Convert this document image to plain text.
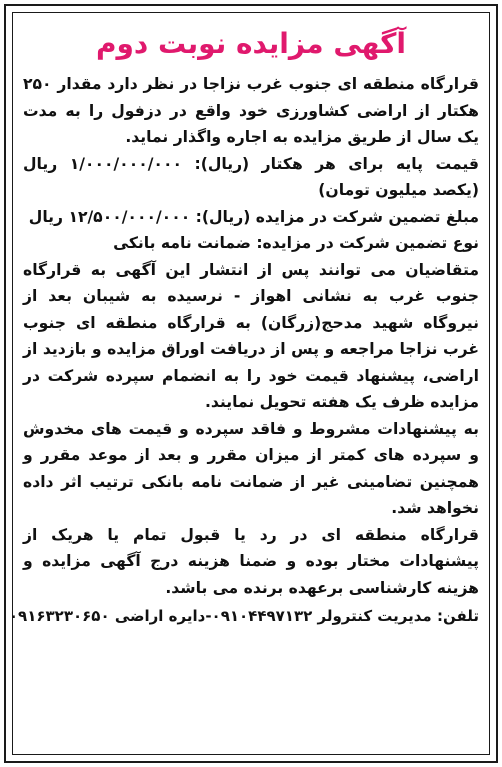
آگهی مزایده نوبت دوم

قرارگاه منطقه ای جنوب غرب نزاجا در نظر دارد مقدار ۲۵۰ هکتار از اراضی کشاورزی خود واقع در دزفول را به مدت یک سال از طریق مزایده به اجاره واگذار نماید.

قیمت پایه برای هر هکتار (ریال): ۱/۰۰۰/۰۰۰/۰۰۰ ریال (یکصد میلیون تومان)

مبلغ تضمین شرکت در مزایده (ریال): ۱۲/۵۰۰/۰۰۰/۰۰۰ ریال

نوع تضمین شرکت در مزایده: ضمانت نامه بانکی

متقاضیان می توانند پس از انتشار این آگهی به قرارگاه جنوب غرب به نشانی اهواز - نرسیده به شیبان بعد از نیروگاه شهید مدحج(زرگان) به قرارگاه منطقه ای جنوب غرب نزاجا مراجعه و پس از دریافت اوراق مزایده و بازدید از اراضی، پیشنهاد قیمت خود را به انضمام سپرده شرکت در مزایده ظرف یک هفته تحویل نمایند.

به پیشنهادات مشروط و فاقد سپرده و قیمت های مخدوش و سپرده های کمتر از میزان مقرر و بعد از موعد مقرر و همچنین تضامینی غیر از ضمانت نامه بانکی ترتیب اثر داده نخواهد شد.

قرارگاه منطقه ای در رد یا قبول تمام یا هریک از پیشنهادات مختار بوده و ضمنا هزینه درج آگهی مزایده و هزینه کارشناسی برعهده برنده می باشد.

تلفن: مدیریت کنترولر ۰۹۱۰۴۴۹۷۱۳۲-دایره اراضی ۰۹۱۶۳۲۳۰۶۵۰
